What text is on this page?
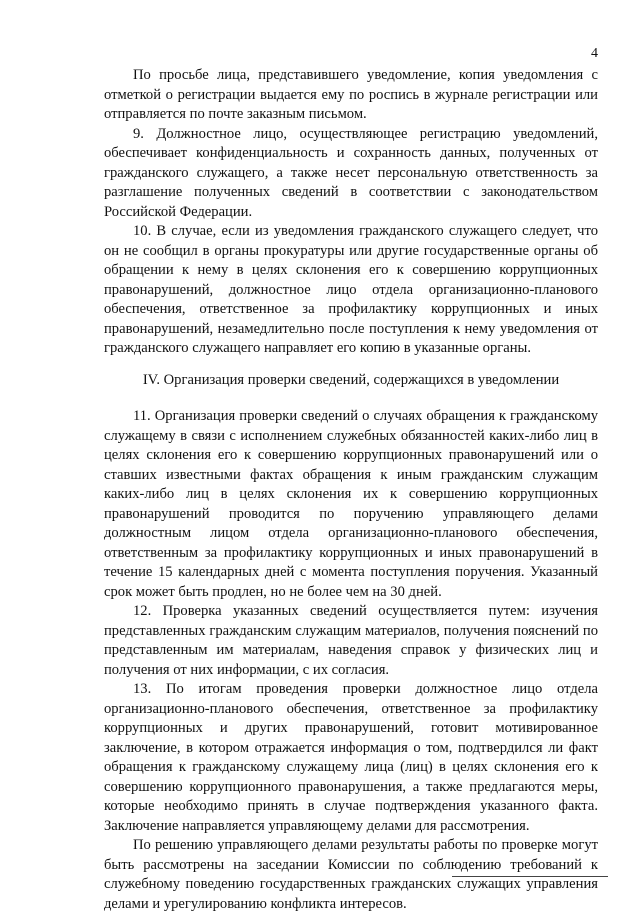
4

По просьбе лица, представившего уведомление, копия уведомления с отметкой о регистрации выдается ему по роспись в журнале регистрации или отправляется по почте заказным письмом.

9. Должностное лицо, осуществляющее регистрацию уведомлений, обеспечивает конфиденциальность и сохранность данных, полученных от гражданского служащего, а также несет персональную ответственность за разглашение полученных сведений в соответствии с законодательством Российской Федерации.

10. В случае, если из уведомления гражданского служащего следует, что он не сообщил в органы прокуратуры или другие государственные органы об обращении к нему в целях склонения его к совершению коррупционных правонарушений, должностное лицо отдела организационно-планового обеспечения, ответственное за профилактику коррупционных и иных правонарушений, незамедлительно после поступления к нему уведомления от гражданского служащего направляет его копию в указанные органы.

IV. Организация проверки сведений, содержащихся в уведомлении

11. Организация проверки сведений о случаях обращения к гражданскому служащему в связи с исполнением служебных обязанностей каких-либо лиц в целях склонения его к совершению коррупционных правонарушений или о ставших известными фактах обращения к иным гражданским служащим каких-либо лиц в целях склонения их к совершению коррупционных правонарушений проводится по поручению управляющего делами должностным лицом отдела организационно-планового обеспечения, ответственным за профилактику коррупционных и иных правонарушений в течение 15 календарных дней с момента поступления поручения. Указанный срок может быть продлен, но не более чем на 30 дней.

12. Проверка указанных сведений осуществляется путем: изучения представленных гражданским служащим материалов, получения пояснений по представленным им материалам, наведения справок у физических лиц и получения от них информации, с их согласия.

13. По итогам проведения проверки должностное лицо отдела организационно-планового обеспечения, ответственное за профилактику коррупционных и других правонарушений, готовит мотивированное заключение, в котором отражается информация о том, подтвердился ли факт обращения к гражданскому служащему лица (лиц) в целях склонения его к совершению коррупционного правонарушения, а также предлагаются меры, которые необходимо принять в случае подтверждения указанного факта. Заключение направляется управляющему делами для рассмотрения.

По решению управляющего делами результаты работы по проверке могут быть рассмотрены на заседании Комиссии по соблюдению требований к служебному поведению государственных гражданских служащих управления делами и урегулированию конфликта интересов.
